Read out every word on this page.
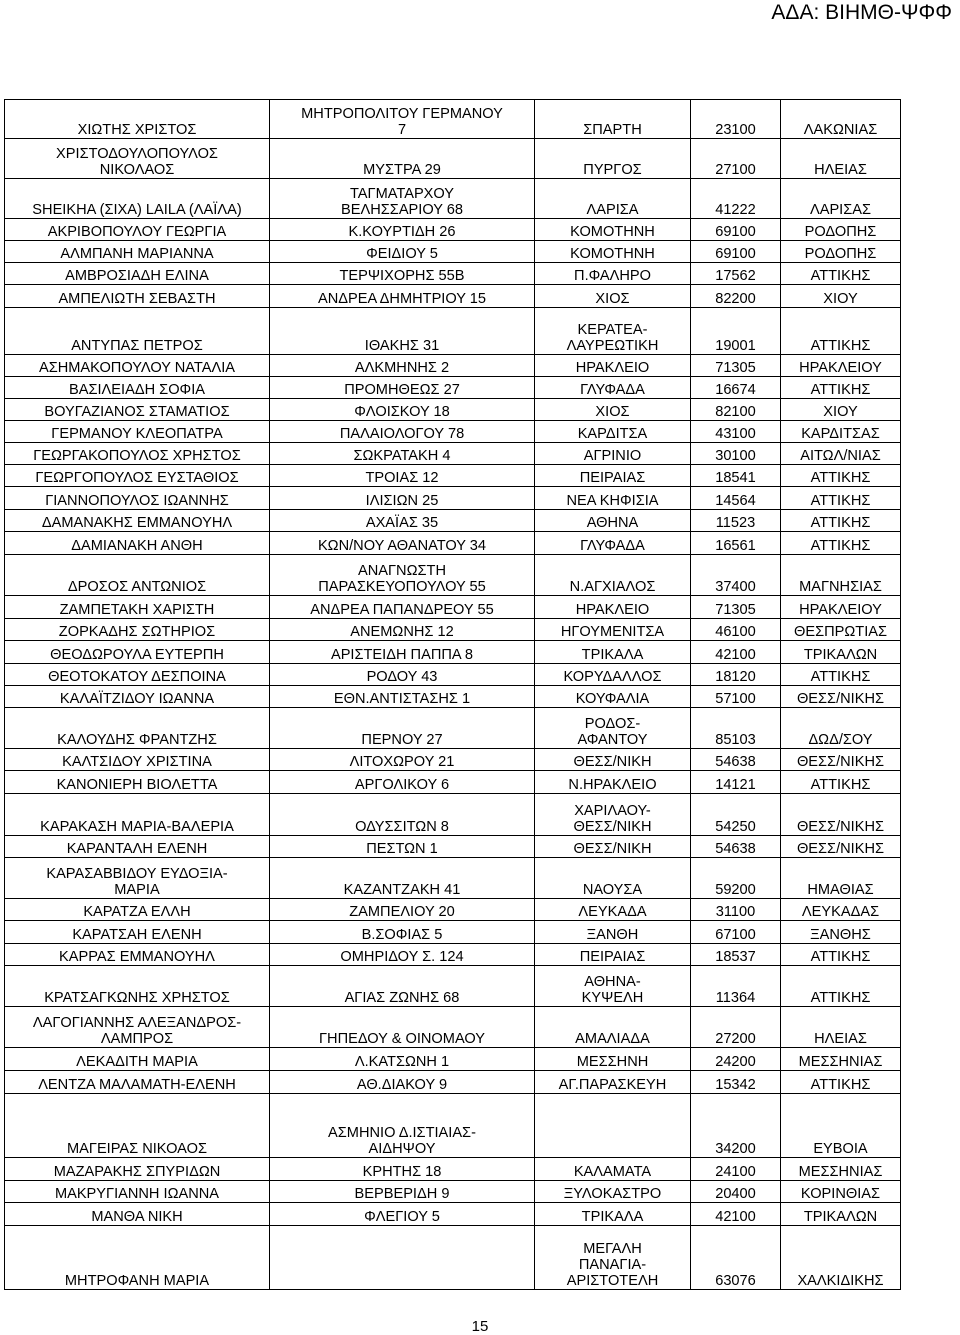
ΑΔΑ: ΒΙΗΜΘ-ΨΦΦ
ΧΙΩΤΗΣ ΧΡΙΣΤΟΣ	ΜΗΤΡΟΠΟΛΙΤΟΥ ΓΕΡΜΑΝΟΥ
7	ΣΠΑΡΤΗ	23100	ΛΑΚΩΝΙΑΣ
ΧΡΙΣΤΟΔΟΥΛΟΠΟΥΛΟΣ
ΝΙΚΟΛΑΟΣ	ΜΥΣΤΡΑ 29	ΠΥΡΓΟΣ	27100	ΗΛΕΙΑΣ
SHEIKHA (ΣΙΧΑ) LAILA (ΛΑΪΛΑ)	ΤΑΓΜΑΤΑΡΧΟΥ
ΒΕΛΗΣΣΑΡΙΟΥ 68	ΛΑΡΙΣΑ	41222	ΛΑΡΙΣΑΣ
ΑΚΡΙΒΟΠΟΥΛΟΥ ΓΕΩΡΓΙΑ	Κ.ΚΟΥΡΤΙΔΗ 26	ΚΟΜΟΤΗΝΗ	69100	ΡΟΔΟΠΗΣ
ΑΛΜΠΑΝΗ ΜΑΡΙΑΝΝΑ	ΦΕΙΔΙΟΥ 5	ΚΟΜΟΤΗΝΗ	69100	ΡΟΔΟΠΗΣ
ΑΜΒΡΟΣΙΑΔΗ ΕΛΙΝΑ	ΤΕΡΨΙΧΟΡΗΣ 55Β	Π.ΦΑΛΗΡΟ	17562	ΑΤΤΙΚΗΣ
ΑΜΠΕΛΙΩΤΗ ΣΕΒΑΣΤΗ	ΑΝΔΡΕΑ ΔΗΜΗΤΡΙΟΥ 15	ΧΙΟΣ	82200	ΧΙΟΥ
ΑΝΤΥΠΑΣ ΠΕΤΡΟΣ	ΙΘΑΚΗΣ 31	ΚΕΡΑΤΕΑ-
ΛΑΥΡΕΩΤΙΚΗ	19001	ΑΤΤΙΚΗΣ
ΑΣΗΜΑΚΟΠΟΥΛΟΥ ΝΑΤΑΛΙΑ	ΑΛΚΜΗΝΗΣ 2	ΗΡΑΚΛΕΙΟ	71305	ΗΡΑΚΛΕΙΟΥ
ΒΑΣΙΛΕΙΑΔΗ ΣΟΦΙΑ	ΠΡΟΜΗΘΕΩΣ 27	ΓΛΥΦΑΔΑ	16674	ΑΤΤΙΚΗΣ
ΒΟΥΓΑΖΙΑΝΟΣ ΣΤΑΜΑΤΙΟΣ	ΦΛΟΙΣΚΟΥ 18	ΧΙΟΣ	82100	ΧΙΟΥ
ΓΕΡΜΑΝΟΥ ΚΛΕΟΠΑΤΡΑ	ΠΑΛΑΙΟΛΟΓΟΥ 78	ΚΑΡΔΙΤΣΑ	43100	ΚΑΡΔΙΤΣΑΣ
ΓΕΩΡΓΑΚΟΠΟΥΛΟΣ ΧΡΗΣΤΟΣ	ΣΩΚΡΑΤΑΚΗ 4	ΑΓΡΙΝΙΟ	30100	ΑΙΤΩΛ/ΝΙΑΣ
ΓΕΩΡΓΟΠΟΥΛΟΣ ΕΥΣΤΑΘΙΟΣ	ΤΡΟΙΑΣ 12	ΠΕΙΡΑΙΑΣ	18541	ΑΤΤΙΚΗΣ
ΓΙΑΝΝΟΠΟΥΛΟΣ ΙΩΑΝΝΗΣ	ΙΛΙΣΙΩΝ 25	ΝΕΑ ΚΗΦΙΣΙΑ	14564	ΑΤΤΙΚΗΣ
ΔΑΜΑΝΑΚΗΣ ΕΜΜΑΝΟΥΗΛ	ΑΧΑΪΑΣ 35	ΑΘΗΝΑ	11523	ΑΤΤΙΚΗΣ
ΔΑΜΙΑΝΑΚΗ ΑΝΘΗ	ΚΩΝ/ΝΟΥ ΑΘΑΝΑΤΟΥ 34	ΓΛΥΦΑΔΑ	16561	ΑΤΤΙΚΗΣ
ΔΡΟΣΟΣ ΑΝΤΩΝΙΟΣ	ΑΝΑΓΝΩΣΤΗ
ΠΑΡΑΣΚΕΥΟΠΟΥΛΟΥ 55	Ν.ΑΓΧΙΑΛΟΣ	37400	ΜΑΓΝΗΣΙΑΣ
ΖΑΜΠΕΤΑΚΗ ΧΑΡΙΣΤΗ	ΑΝΔΡΕΑ ΠΑΠΑΝΔΡΕΟΥ 55	ΗΡΑΚΛΕΙΟ	71305	ΗΡΑΚΛΕΙΟΥ
ΖΟΡΚΑΔΗΣ ΣΩΤΗΡΙΟΣ	ΑΝΕΜΩΝΗΣ 12	ΗΓΟΥΜΕΝΙΤΣΑ	46100	ΘΕΣΠΡΩΤΙΑΣ
ΘΕΟΔΩΡΟΥΛΑ ΕΥΤΕΡΠΗ	ΑΡΙΣΤΕΙΔΗ ΠΑΠΠΑ 8	ΤΡΙΚΑΛΑ	42100	ΤΡΙΚΑΛΩΝ
ΘΕΟΤΟΚΑΤΟΥ ΔΕΣΠΟΙΝΑ	ΡΟΔΟΥ 43	ΚΟΡΥΔΑΛΛΟΣ	18120	ΑΤΤΙΚΗΣ
ΚΑΛΑΪΤΖΙΔΟΥ ΙΩΑΝΝΑ	ΕΘΝ.ΑΝΤΙΣΤΑΣΗΣ 1	ΚΟΥΦΑΛΙΑ	57100	ΘΕΣΣ/ΝΙΚΗΣ
ΚΑΛΟΥΔΗΣ ΦΡΑΝΤΖΗΣ	ΠΕΡΝΟΥ 27	ΡΟΔΟΣ-
ΑΦΑΝΤΟΥ	85103	ΔΩΔ/ΣΟΥ
ΚΑΛΤΣΙΔΟΥ ΧΡΙΣΤΙΝΑ	ΛΙΤΟΧΩΡΟΥ 21	ΘΕΣΣ/ΝΙΚΗ	54638	ΘΕΣΣ/ΝΙΚΗΣ
ΚΑΝΟΝΙΕΡΗ ΒΙΟΛΕΤΤΑ	ΑΡΓΟΛΙΚΟΥ 6	Ν.ΗΡΑΚΛΕΙΟ	14121	ΑΤΤΙΚΗΣ
ΚΑΡΑΚΑΣΗ ΜΑΡΙΑ-ΒΑΛΕΡΙΑ	ΟΔΥΣΣΙΤΩΝ 8	ΧΑΡΙΛΑΟΥ-
ΘΕΣΣ/ΝΙΚΗ	54250	ΘΕΣΣ/ΝΙΚΗΣ
ΚΑΡΑΝΤΑΛΗ ΕΛΕΝΗ	ΠΕΣΤΩΝ 1	ΘΕΣΣ/ΝΙΚΗ	54638	ΘΕΣΣ/ΝΙΚΗΣ
ΚΑΡΑΣΑΒΒΙΔΟΥ ΕΥΔΟΞΙΑ-
ΜΑΡΙΑ	ΚΑΖΑΝΤΖΑΚΗ 41	ΝΑΟΥΣΑ	59200	ΗΜΑΘΙΑΣ
ΚΑΡΑΤΖΑ ΕΛΛΗ	ΖΑΜΠΕΛΙΟΥ 20	ΛΕΥΚΑΔΑ	31100	ΛΕΥΚΑΔΑΣ
ΚΑΡΑΤΣΑΗ ΕΛΕΝΗ	Β.ΣΟΦΙΑΣ 5	ΞΑΝΘΗ	67100	ΞΑΝΘΗΣ
ΚΑΡΡΑΣ ΕΜΜΑΝΟΥΗΛ	ΟΜΗΡΙΔΟΥ Σ. 124	ΠΕΙΡΑΙΑΣ	18537	ΑΤΤΙΚΗΣ
ΚΡΑΤΣΑΓΚΩΝΗΣ ΧΡΗΣΤΟΣ	ΑΓΙΑΣ ΖΩΝΗΣ 68	ΑΘΗΝΑ-
ΚΥΨΕΛΗ	11364	ΑΤΤΙΚΗΣ
ΛΑΓΟΓΙΑΝΝΗΣ ΑΛΕΞΑΝΔΡΟΣ-
ΛΑΜΠΡΟΣ	ΓΗΠΕΔΟΥ & ΟΙΝΟΜΑΟΥ	ΑΜΑΛΙΑΔΑ	27200	ΗΛΕΙΑΣ
ΛΕΚΑΔΙΤΗ ΜΑΡΙΑ	Λ.ΚΑΤΣΩΝΗ 1	ΜΕΣΣΗΝΗ	24200	ΜΕΣΣΗΝΙΑΣ
ΛΕΝΤΖΑ ΜΑΛΑΜΑΤΗ-ΕΛΕΝΗ	ΑΘ.ΔΙΑΚΟΥ 9	ΑΓ.ΠΑΡΑΣΚΕΥΗ	15342	ΑΤΤΙΚΗΣ
ΜΑΓΕΙΡΑΣ ΝΙΚΟΑΟΣ	ΑΣΜΗΝΙΟ Δ.ΙΣΤΙΑΙΑΣ-
ΑΙΔΗΨΟΥ		34200	ΕΥΒΟΙΑ
ΜΑΖΑΡΑΚΗΣ ΣΠΥΡΙΔΩΝ	ΚΡΗΤΗΣ 18	ΚΑΛΑΜΑΤΑ	24100	ΜΕΣΣΗΝΙΑΣ
ΜΑΚΡΥΓΙΑΝΝΗ ΙΩΑΝΝΑ	ΒΕΡΒΕΡΙΔΗ 9	ΞΥΛΟΚΑΣΤΡΟ	20400	ΚΟΡΙΝΘΙΑΣ
ΜΑΝΘΑ ΝΙΚΗ	ΦΛΕΓΙΟΥ 5	ΤΡΙΚΑΛΑ	42100	ΤΡΙΚΑΛΩΝ
ΜΗΤΡΟΦΑΝΗ ΜΑΡΙΑ		ΜΕΓΑΛΗ
ΠΑΝΑΓΙΑ-
ΑΡΙΣΤΟΤΕΛΗ	63076	ΧΑΛΚΙΔΙΚΗΣ
15
